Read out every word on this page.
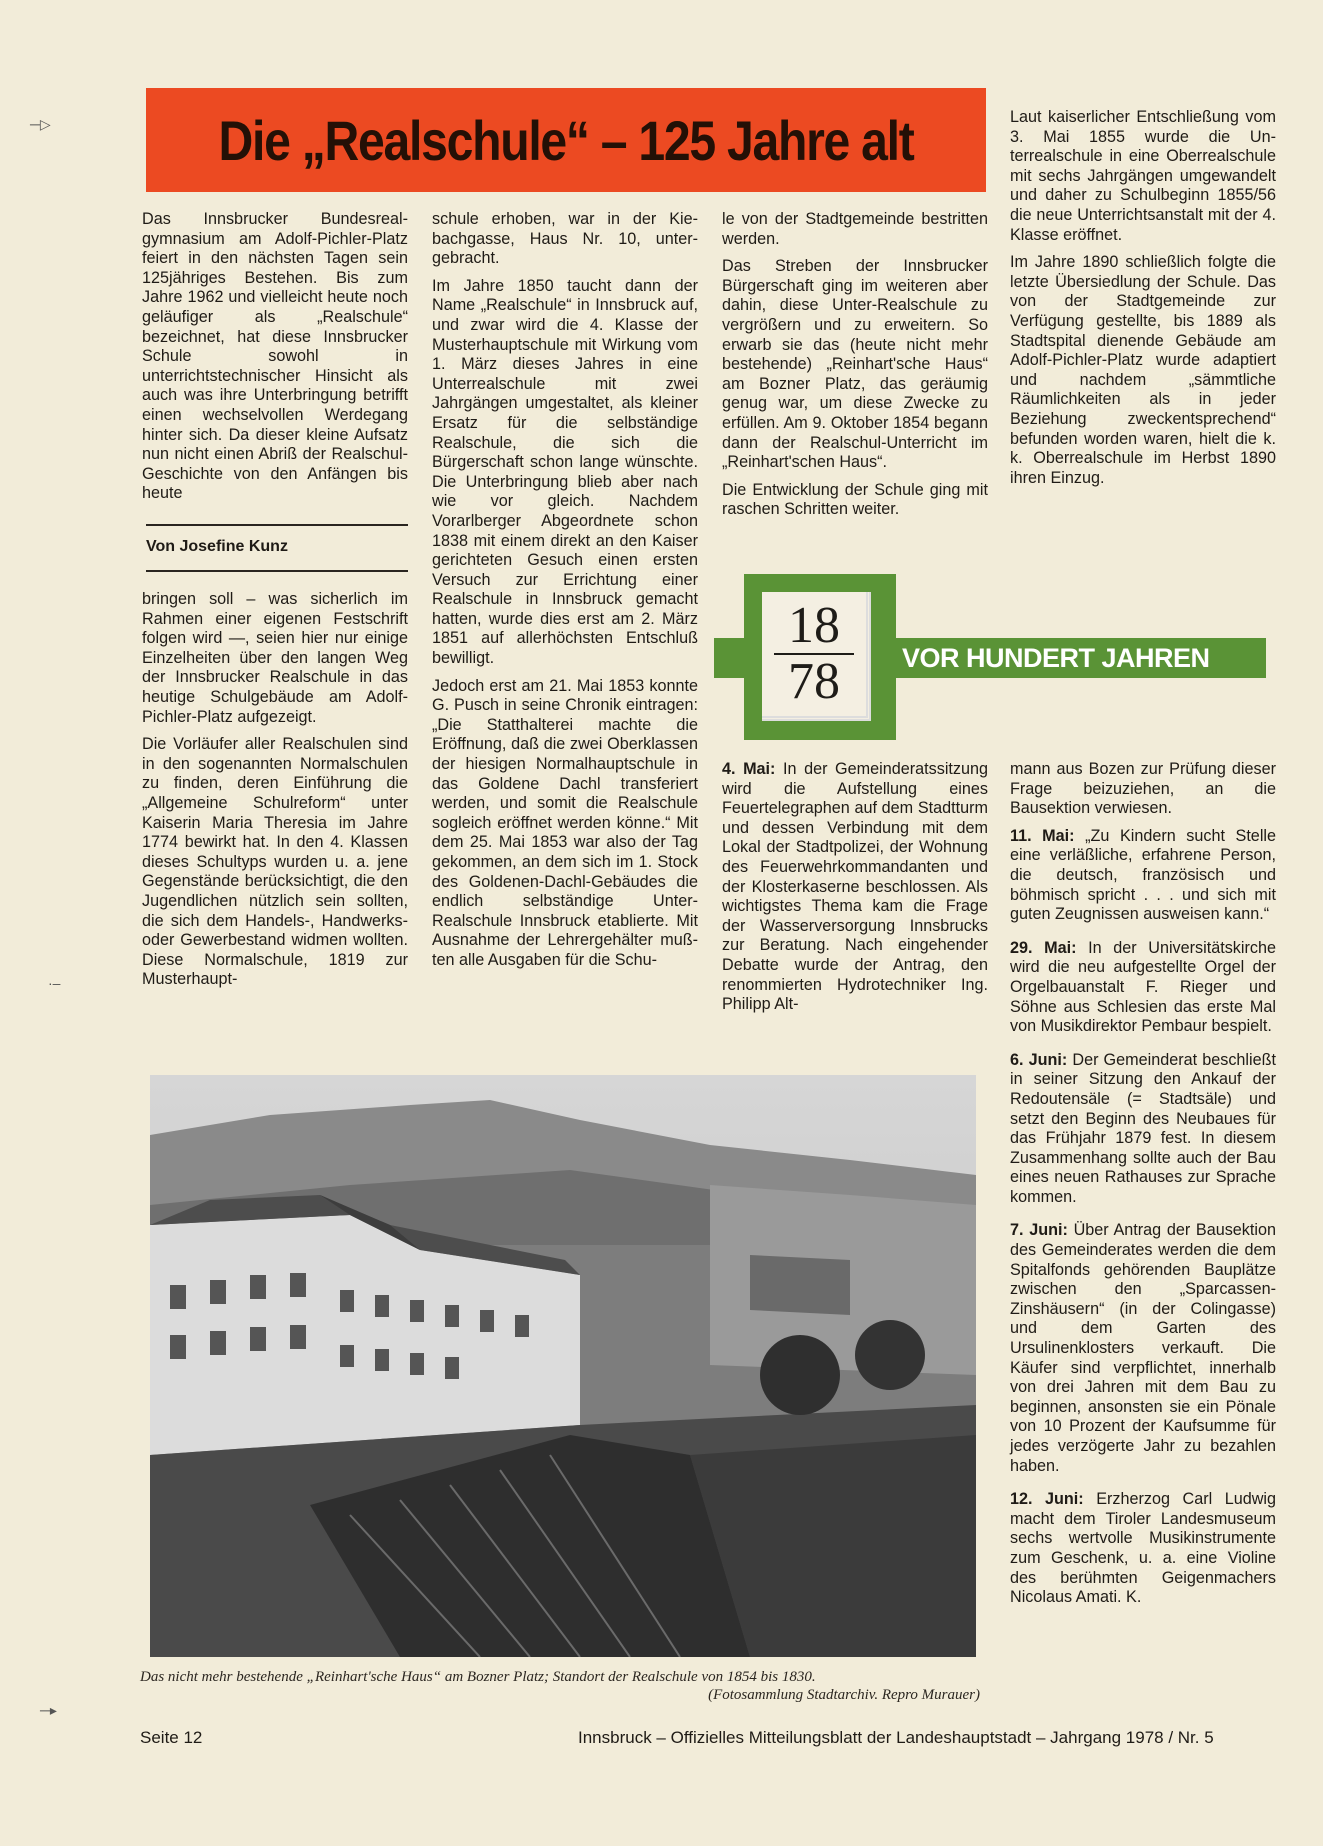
─▷
·–
─▸
Die „Realschule“ – 125 Jahre alt

Das Innsbrucker Bundesrealgymnasium am Adolf-Pichler-Platz feiert in den nächsten Tagen sein 125jähriges Bestehen. Bis zum Jahre 1962 und vielleicht heute noch geläufiger als „Realschule“ bezeichnet, hat diese Innsbrucker Schule sowohl in unterrichtstechnischer Hinsicht als auch was ihre Unterbringung betrifft einen wechselvollen Werdegang hinter sich. Da dieser kleine Aufsatz nun nicht einen Abriß der Realschul-Geschichte von den Anfängen bis heute

Von Josefine Kunz

bringen soll – was sicherlich im Rahmen einer eigenen Festschrift folgen wird —, seien hier nur einige Einzelheiten über den langen Weg der Innsbrucker Realschule in das heutige Schulgebäude am Adolf-Pichler-Platz aufgezeigt.

Die Vorläufer aller Realschulen sind in den sogenannten Normalschulen zu finden, deren Einführung die „Allgemeine Schulreform“ unter Kaiserin Maria Theresia im Jahre 1774 bewirkt hat. In den 4. Klassen dieses Schultyps wurden u. a. jene Gegenstände berücksichtigt, die den Jugendlichen nützlich sein sollten, die sich dem Handels-, Handwerks- oder Gewerbestand widmen wollten. Diese Normalschule, 1819 zur Musterhaupt-

schule erhoben, war in der Kiebachgasse, Haus Nr. 10, untergebracht.

Im Jahre 1850 taucht dann der Name „Realschule“ in Innsbruck auf, und zwar wird die 4. Klasse der Musterhauptschule mit Wirkung vom 1. März dieses Jahres in eine Unterrealschule mit zwei Jahrgängen umgestaltet, als kleiner Ersatz für die selbständige Realschule, die sich die Bürgerschaft schon lange wünschte. Die Unterbringung blieb aber nach wie vor gleich. Nachdem Vorarlberger Abgeordnete schon 1838 mit einem direkt an den Kaiser gerichteten Gesuch einen ersten Versuch zur Errichtung einer Realschule in Innsbruck gemacht hatten, wurde dies erst am 2. März 1851 auf allerhöchsten Entschluß bewilligt.

Jedoch erst am 21. Mai 1853 konnte G. Pusch in seine Chronik eintragen: „Die Statthalterei machte die Eröffnung, daß die zwei Oberklassen der hiesigen Normalhauptschule in das Goldene Dachl transferiert werden, und somit die Realschule sogleich eröffnet werden könne.“ Mit dem 25. Mai 1853 war also der Tag gekommen, an dem sich im 1. Stock des Goldenen-Dachl-Gebäudes die endlich selbständige Unter-Realschule Innsbruck etablierte. Mit Ausnahme der Lehrergehälter mußten alle Ausgaben für die Schu-

le von der Stadtgemeinde bestritten werden.

Das Streben der Innsbrucker Bürgerschaft ging im weiteren aber dahin, diese Unter-Realschule zu vergrößern und zu erweitern. So erwarb sie das (heute nicht mehr bestehende) „Reinhart'sche Haus“ am Bozner Platz, das geräumig genug war, um diese Zwecke zu erfüllen. Am 9. Oktober 1854 begann dann der Realschul-Unterricht im „Reinhart'schen Haus“.

Die Entwicklung der Schule ging mit raschen Schritten weiter.

Laut kaiserlicher Entschließung vom 3. Mai 1855 wurde die Unterrealschule in eine Oberrealschule mit sechs Jahrgängen umgewandelt und daher zu Schulbeginn 1855/56 die neue Unterrichtsanstalt mit der 4. Klasse eröffnet.

Im Jahre 1890 schließlich folgte die letzte Übersiedlung der Schule. Das von der Stadtgemeinde zur Verfügung gestellte, bis 1889 als Stadtspital dienende Gebäude am Adolf-Pichler-Platz wurde adaptiert und nachdem „sämmtliche Räumlichkeiten als in jeder Beziehung zweckentsprechend“ befunden worden waren, hielt die k. k. Oberrealschule im Herbst 1890 ihren Einzug.

VOR HUNDERT JAHREN
18
78

4. Mai: In der Gemeinderatssitzung wird die Aufstellung eines Feuertelegraphen auf dem Stadtturm und dessen Verbindung mit dem Lokal der Stadtpolizei, der Wohnung des Feuerwehrkommandanten und der Klosterkaserne beschlossen. Als wichtigstes Thema kam die Frage der Wasserversorgung Innsbrucks zur Beratung. Nach eingehender Debatte wurde der Antrag, den renommierten Hydrotechniker Ing. Philipp Alt-

mann aus Bozen zur Prüfung dieser Frage beizuziehen, an die Bausektion verwiesen.

11. Mai: „Zu Kindern sucht Stelle eine verläßliche, erfahrene Person, die deutsch, französisch und böhmisch spricht . . . und sich mit guten Zeugnissen ausweisen kann.“

29. Mai: In der Universitätskirche wird die neu aufgestellte Orgel der Orgelbauanstalt F. Rieger und Söhne aus Schlesien das erste Mal von Musikdirektor Pembaur bespielt.

6. Juni: Der Gemeinderat beschließt in seiner Sitzung den Ankauf der Redoutensäle (= Stadtsäle) und setzt den Beginn des Neubaues für das Frühjahr 1879 fest. In diesem Zusammenhang sollte auch der Bau eines neuen Rathauses zur Sprache kommen.

7. Juni: Über Antrag der Bausektion des Gemeinderates werden die dem Spitalfonds gehörenden Bauplätze zwischen den „Sparcassen-Zinshäusern“ (in der Colingasse) und dem Garten des Ursulinenklosters verkauft. Die Käufer sind verpflichtet, innerhalb von drei Jahren mit dem Bau zu beginnen, ansonsten sie ein Pönale von 10 Prozent der Kaufsumme für jedes verzögerte Jahr zu bezahlen haben.

12. Juni: Erzherzog Carl Ludwig macht dem Tiroler Landesmuseum sechs wertvolle Musikinstrumente zum Geschenk, u. a. eine Violine des berühmten Geigenmachers Nicolaus Amati. K.

Das nicht mehr bestehende „Reinhart'sche Haus“ am Bozner Platz; Standort der Realschule von 1854 bis 1830.
(Fotosammlung Stadtarchiv. Repro Murauer)
Seite 12	Innsbruck – Offizielles Mitteilungsblatt der Landeshauptstadt – Jahrgang 1978 / Nr. 5
